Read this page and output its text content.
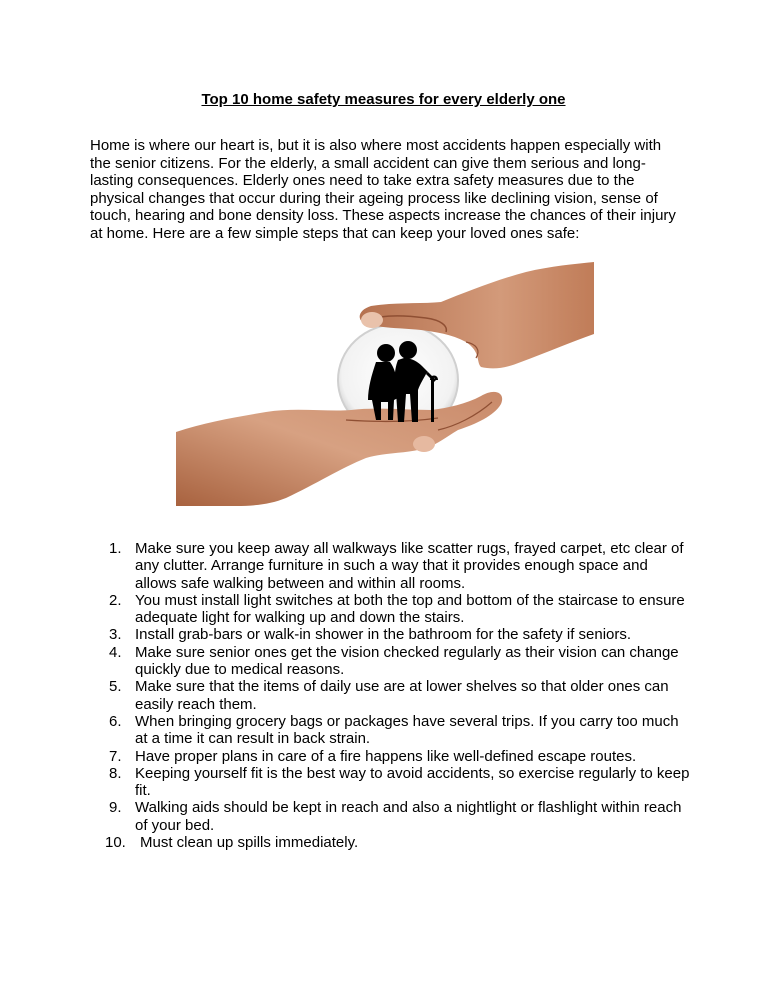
Top 10 home safety measures for every elderly one

Home is where our heart is, but it is also where most accidents happen especially with the senior citizens. For the elderly, a small accident can give them serious and long-lasting consequences. Elderly ones need to take extra safety measures due to the physical changes that occur during their ageing process like declining vision, sense of touch, hearing and bone density loss. These aspects increase the chances of their injury at home. Here are a few simple steps that can keep your loved ones safe:

1. Make sure you keep away all walkways like scatter rugs, frayed carpet, etc clear of any clutter. Arrange furniture in such a way that it provides enough space and allows safe walking between and within all rooms.
2. You must install light switches at both the top and bottom of the staircase to ensure adequate light for walking up and down the stairs.
3. Install grab-bars or walk-in shower in the bathroom for the safety if seniors.
4. Make sure senior ones get the vision checked regularly as their vision can change quickly due to medical reasons.
5. Make sure that the items of daily use are at lower shelves so that older ones can easily reach them.
6. When bringing grocery bags or packages have several trips. If you carry too much at a time it can result in back strain.
7. Have proper plans in care of a fire happens like well-defined escape routes.
8. Keeping yourself fit is the best way to avoid accidents, so exercise regularly to keep fit.
9. Walking aids should be kept in reach and also a nightlight or flashlight within reach of your bed.
10. Must clean up spills immediately.
